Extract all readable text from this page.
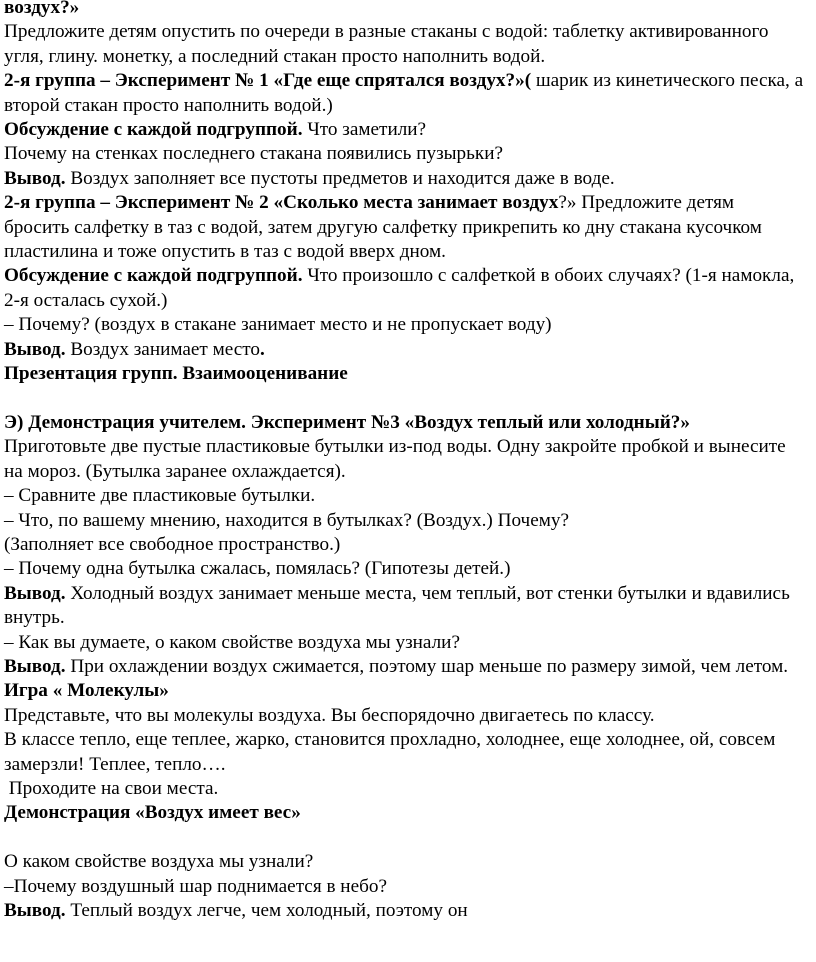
воздух?»

Предложите детям опустить по очереди в разные стаканы с водой: таблетку активированного угля, глину. монетку, а последний стакан просто наполнить водой.

2-я группа – Эксперимент № 1 «Где еще спрятался воздух?»( шарик из кинетического песка, а второй стакан просто наполнить водой.)

Обсуждение с каждой подгруппой. Что заметили?

Почему на стенках последнего стакана появились пузырьки?

Вывод. Воздух заполняет все пустоты предметов и находится даже в воде.

2-я группа – Эксперимент № 2 «Сколько места занимает воздух?» Предложите детям бросить салфетку в таз с водой, затем другую салфетку прикрепить ко дну стакана кусочком пластилина и тоже опустить в таз с водой вверх дном.

Обсуждение с каждой подгруппой. Что произошло с салфеткой в обоих случаях? (1-я намокла, 2-я осталась сухой.)

– Почему? (воздух в стакане занимает место и не пропускает воду)

Вывод. Воздух занимает место.

Презентация групп. Взаимооценивание

Э) Демонстрация учителем. Эксперимент №3 «Воздух теплый или холодный?»

Приготовьте две пустые пластиковые бутылки из-под воды. Одну закройте пробкой и вынесите на мороз. (Бутылка заранее охлаждается).

– Сравните две пластиковые бутылки.

– Что, по вашему мнению, находится в бутылках? (Воздух.) Почему?

(Заполняет все свободное пространство.)

– Почему одна бутылка сжалась, помялась? (Гипотезы детей.)

Вывод. Холодный воздух занимает меньше места, чем теплый, вот стенки бутылки и вдавились внутрь.

– Как вы думаете, о каком свойстве воздуха мы узнали?

Вывод. При охлаждении воздух сжимается, поэтому шар меньше по размеру зимой, чем летом.

Игра « Молекулы»

Представьте, что вы молекулы воздуха. Вы беспорядочно двигаетесь по классу.

В классе тепло, еще теплее, жарко, становится прохладно, холоднее, еще холоднее, ой, совсем замерзли! Теплее, тепло….

Проходите на свои места.

Демонстрация «Воздух имеет вес»

О каком свойстве воздуха мы узнали?

–Почему воздушный шар поднимается в небо?

Вывод. Теплый воздух легче, чем холодный, поэтому он
